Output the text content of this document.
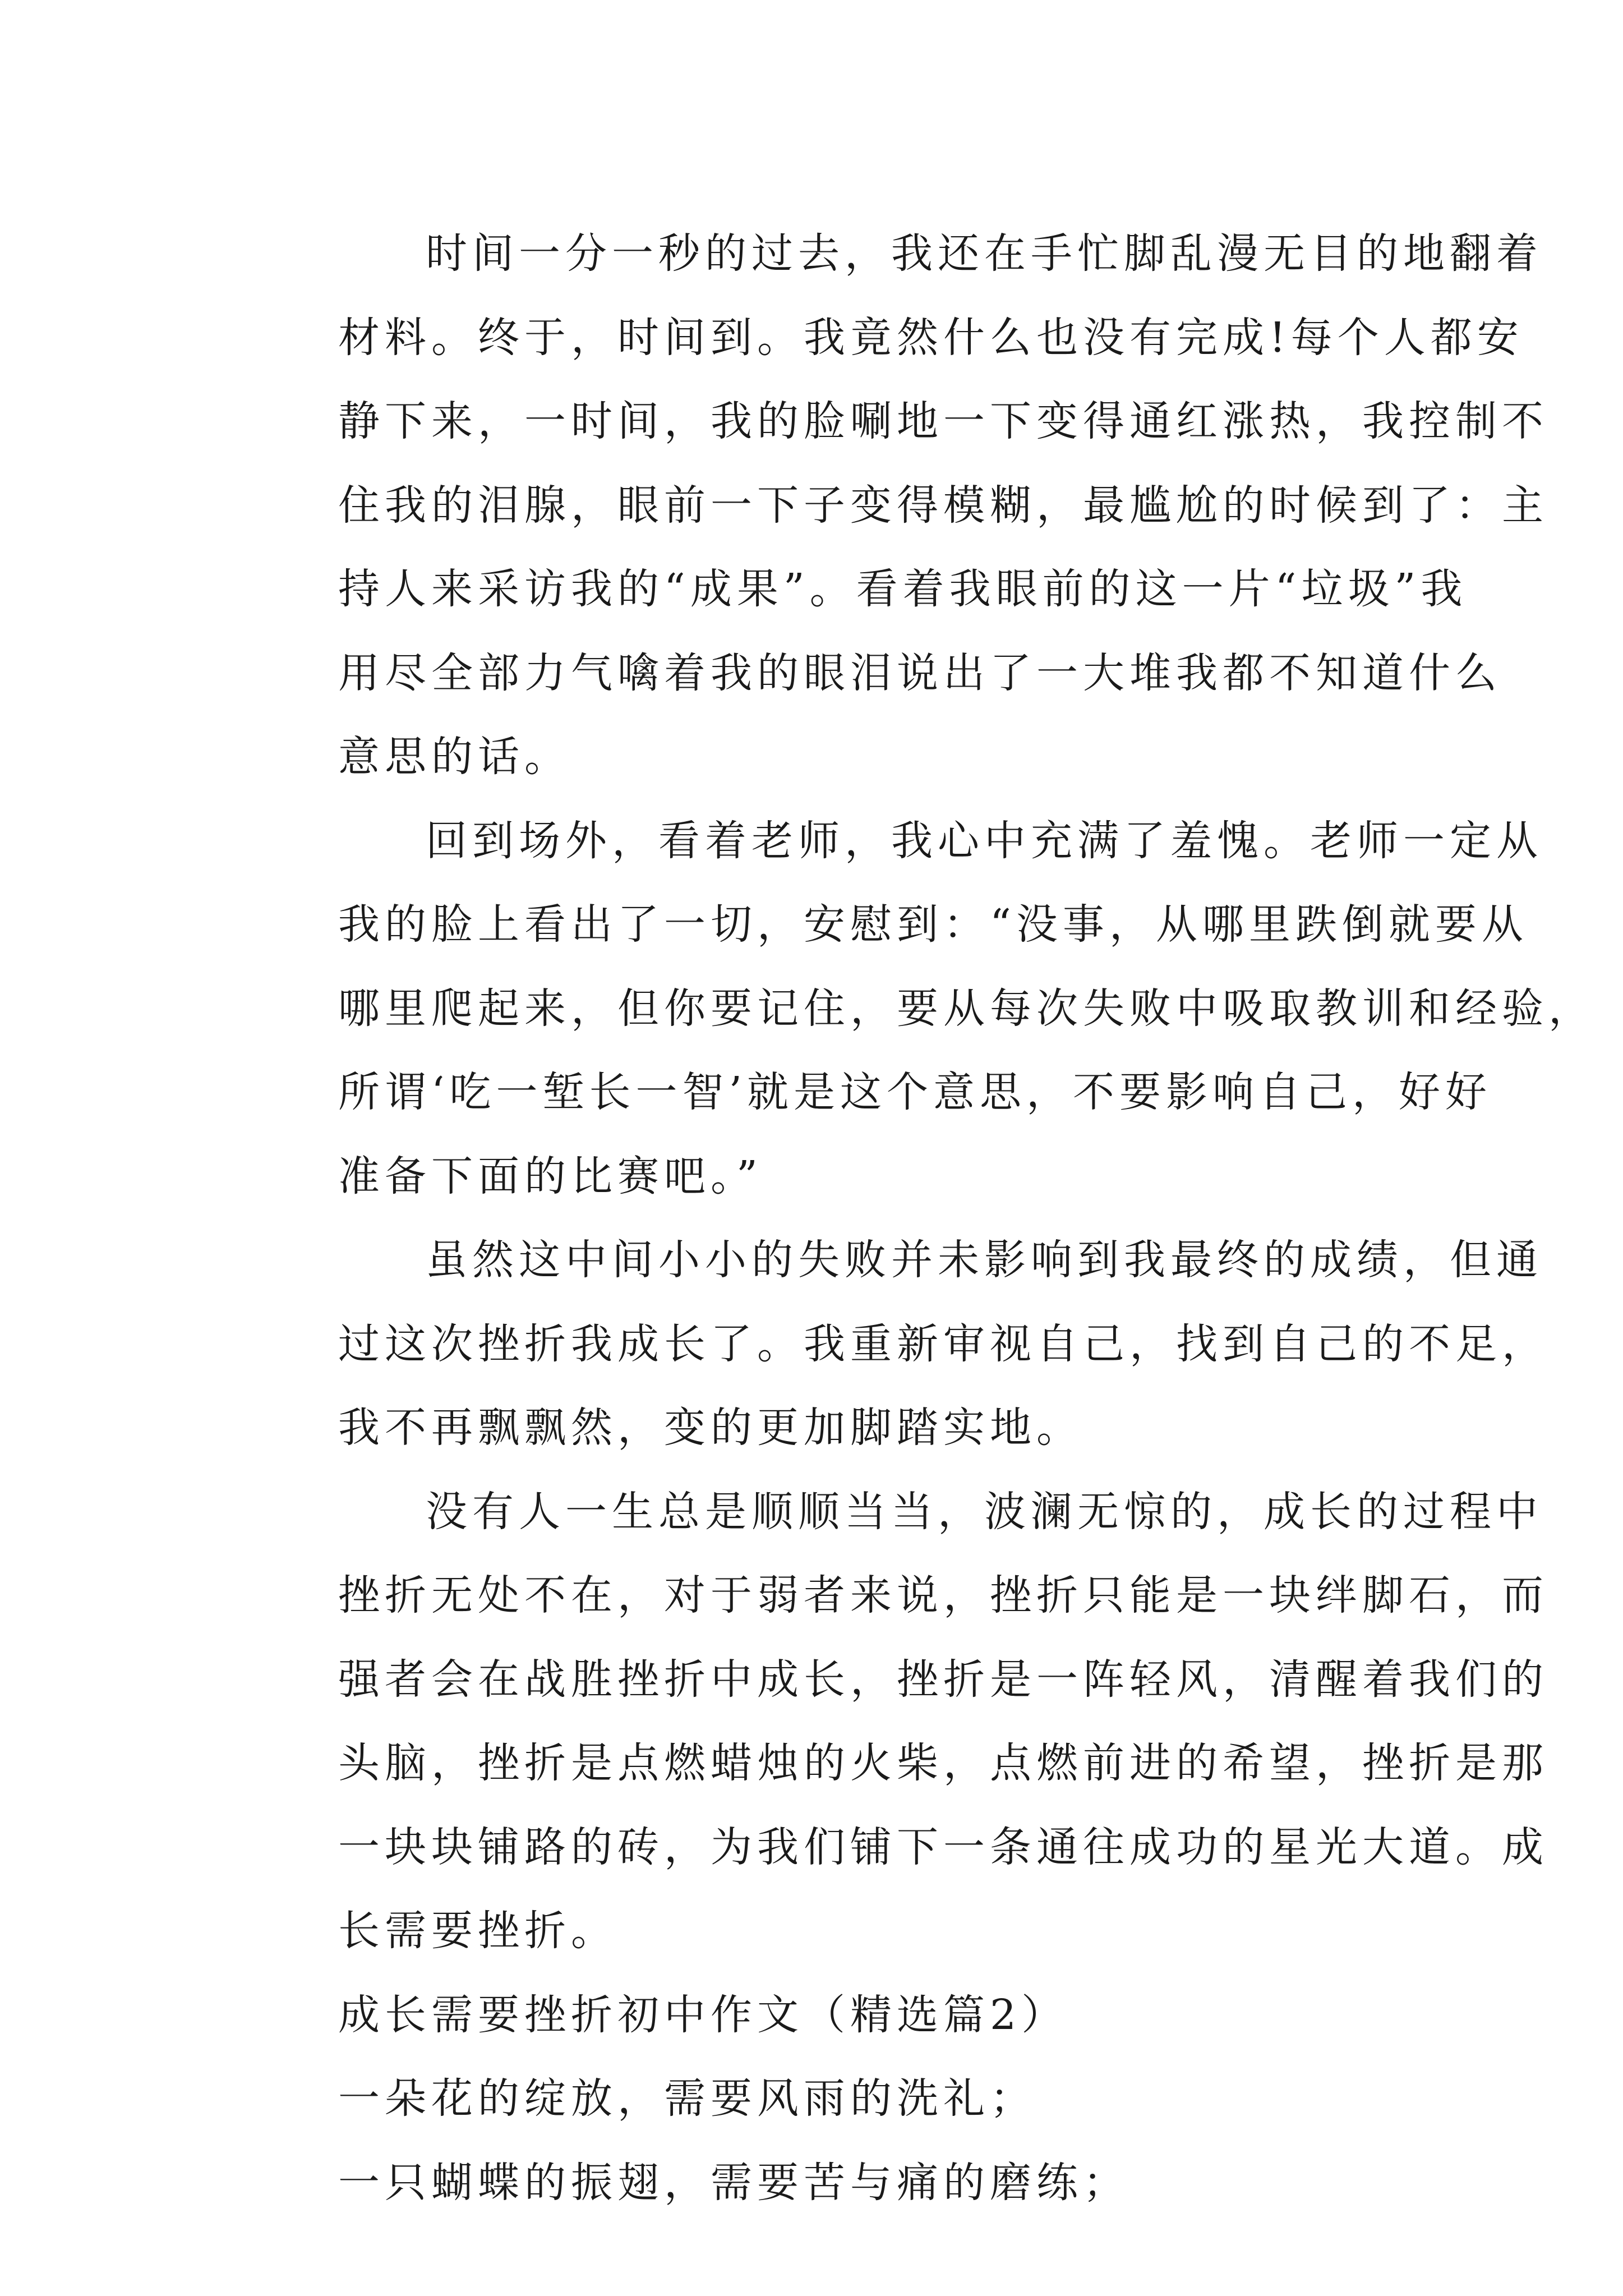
时间一分一秒的过去，我还在手忙脚乱漫无目的地翻着
材料。终于，时间到。我竟然什么也没有完成!每个人都安
静下来，一时间，我的脸唰地一下变得通红涨热，我控制不
住我的泪腺，眼前一下子变得模糊，最尴尬的时候到了：主
持人来采访我的“成果”。看着我眼前的这一片“垃圾”我
用尽全部力气噙着我的眼泪说出了一大堆我都不知道什么
意思的话。
回到场外，看着老师，我心中充满了羞愧。老师一定从
我的脸上看出了一切，安慰到：“没事，从哪里跌倒就要从
哪里爬起来，但你要记住，要从每次失败中吸取教训和经验，
所谓‘吃一堑长一智’就是这个意思，不要影响自己，好好
准备下面的比赛吧。”
虽然这中间小小的失败并未影响到我最终的成绩，但通
过这次挫折我成长了。我重新审视自己，找到自己的不足，
我不再飘飘然，变的更加脚踏实地。
没有人一生总是顺顺当当，波澜无惊的，成长的过程中
挫折无处不在，对于弱者来说，挫折只能是一块绊脚石，而
强者会在战胜挫折中成长，挫折是一阵轻风，清醒着我们的
头脑，挫折是点燃蜡烛的火柴，点燃前进的希望，挫折是那
一块块铺路的砖，为我们铺下一条通往成功的星光大道。成
长需要挫折。
成长需要挫折初中作文（精选篇2）
一朵花的绽放，需要风雨的洗礼；
一只蝴蝶的振翅，需要苦与痛的磨练；
